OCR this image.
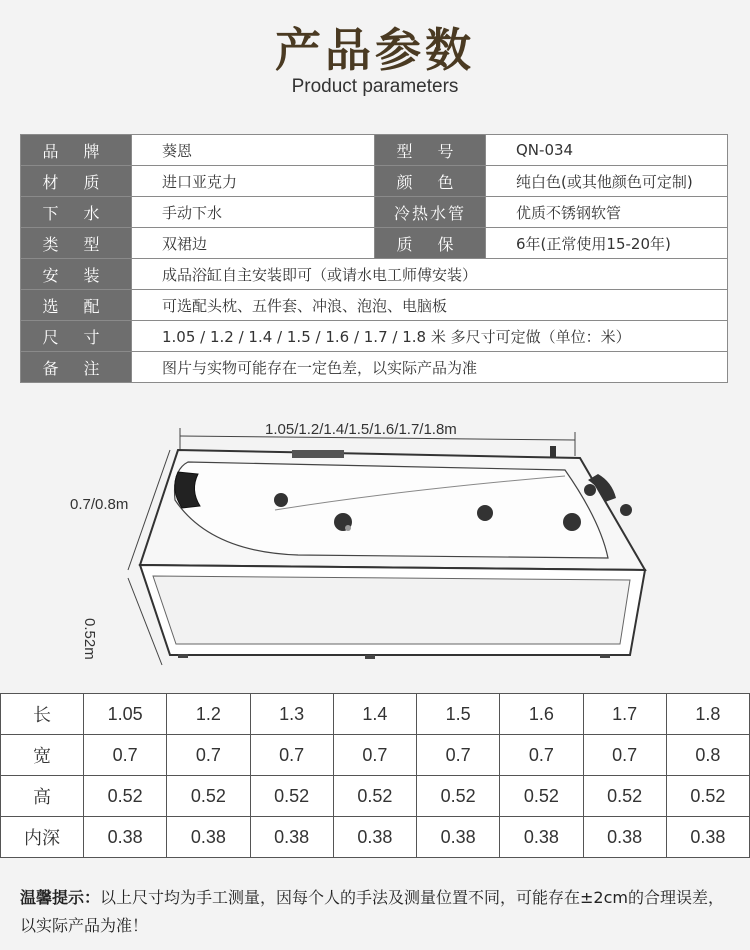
产品参数
Product parameters
品 牌	葵恩	型 号	QN-034
材 质	进口亚克力	颜 色	纯白色(或其他颜色可定制)
下 水	手动下水	冷热水管	优质不锈钢软管
类 型	双裙边	质 保	6年(正常使用15-20年)
安 装	成品浴缸自主安装即可（或请水电工师傅安装）		
选 配	可选配头枕、五件套、冲浪、泡泡、电脑板		
尺 寸	1.05 / 1.2 / 1.4 / 1.5 / 1.6 / 1.7 / 1.8 米 多尺寸可定做（单位：米）		
备 注	图片与实物可能存在一定色差，以实际产品为准		
1.05/1.2/1.4/1.5/1.6/1.7/1.8m
0.7/0.8m
0.52m
长	1.05	1.2	1.3	1.4	1.5	1.6	1.7	1.8
宽	0.7	0.7	0.7	0.7	0.7	0.7	0.7	0.8
高	0.52	0.52	0.52	0.52	0.52	0.52	0.52	0.52
内深	0.38	0.38	0.38	0.38	0.38	0.38	0.38	0.38
温馨提示：以上尺寸均为手工测量，因每个人的手法及测量位置不同，可能存在±2cm的合理误差，以实际产品为准！
